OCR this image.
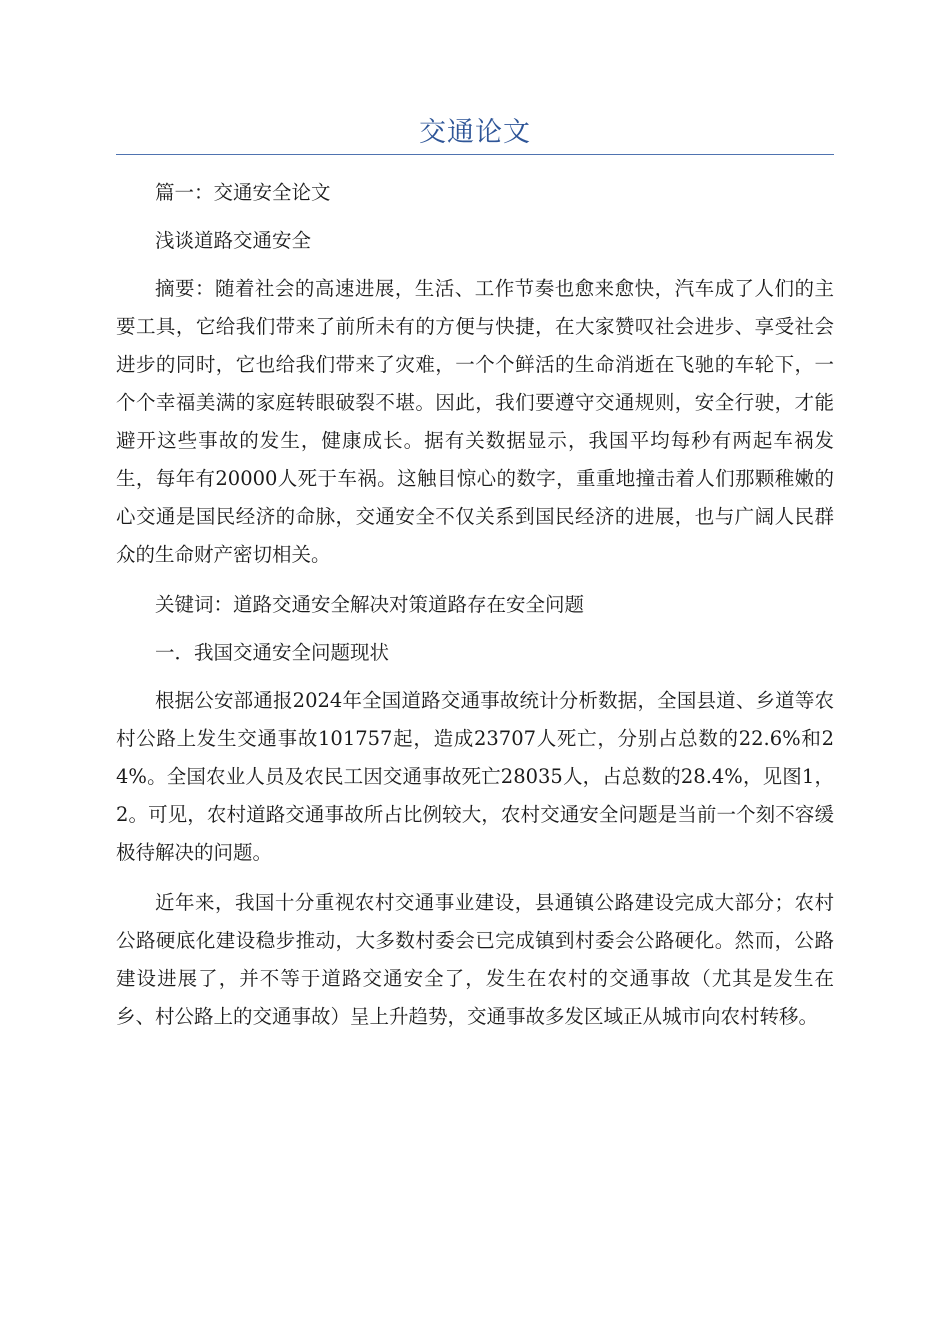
交通论文

篇一：交通安全论文

浅谈道路交通安全

摘要：随着社会的高速进展，生活、工作节奏也愈来愈快，汽车成了人们的主要工具，它给我们带来了前所未有的方便与快捷，在大家赞叹社会进步、享受社会进步的同时，它也给我们带来了灾难，一个个鲜活的生命消逝在飞驰的车轮下，一个个幸福美满的家庭转眼破裂不堪。因此，我们要遵守交通规则，安全行驶，才能避开这些事故的发生，健康成长。据有关数据显示，我国平均每秒有两起车祸发生，每年有20000人死于车祸。这触目惊心的数字，重重地撞击着人们那颗稚嫩的心交通是国民经济的命脉，交通安全不仅关系到国民经济的进展，也与广阔人民群众的生命财产密切相关。

关键词：道路交通安全解决对策道路存在安全问题

一．我国交通安全问题现状

根据公安部通报2024年全国道路交通事故统计分析数据，全国县道、乡道等农村公路上发生交通事故101757起，造成23707人死亡，分别占总数的22.6%和24%。全国农业人员及农民工因交通事故死亡28035人，占总数的28.4%，见图1，2。可见，农村道路交通事故所占比例较大，农村交通安全问题是当前一个刻不容缓极待解决的问题。

近年来，我国十分重视农村交通事业建设，县通镇公路建设完成大部分；农村公路硬底化建设稳步推动，大多数村委会已完成镇到村委会公路硬化。然而，公路建设进展了，并不等于道路交通安全了，发生在农村的交通事故（尤其是发生在乡、村公路上的交通事故）呈上升趋势，交通事故多发区域正从城市向农村转移。
